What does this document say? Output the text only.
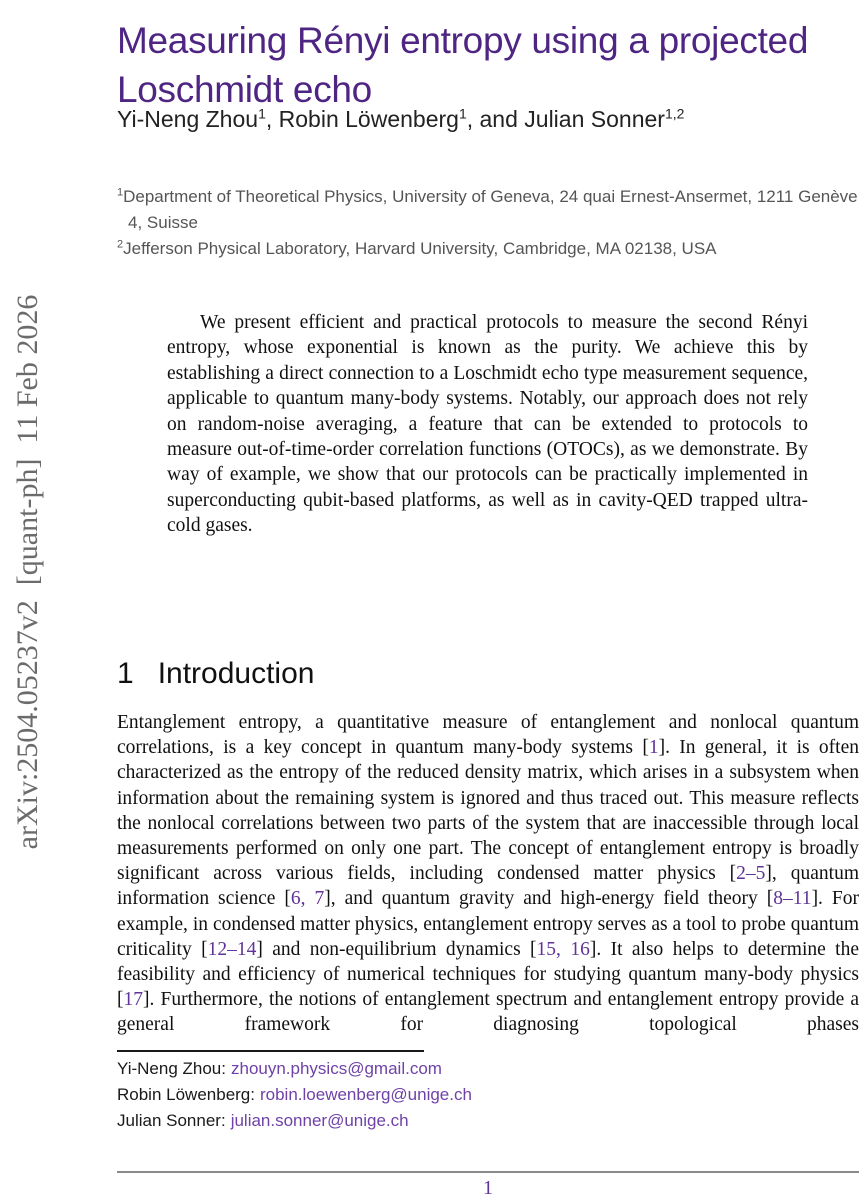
arXiv:2504.05237v2  [quant-ph]  11 Feb 2026
Measuring Rényi entropy using a projected Loschmidt echo
Yi-Neng Zhou$^1$, Robin Löwenberg$^1$, and Julian Sonner$^{1,2}$
$^1$Department of Theoretical Physics, University of Geneva, 24 quai Ernest-Ansermet, 1211 Genève 4, Suisse
$^2$Jefferson Physical Laboratory, Harvard University, Cambridge, MA 02138, USA
We present efficient and practical protocols to measure the second Rényi entropy, whose exponential is known as the purity. We achieve this by establishing a direct connection to a Loschmidt echo type measurement sequence, applicable to quantum many-body systems. Notably, our approach does not rely on random-noise averaging, a feature that can be extended to protocols to measure out-of-time-order correlation functions (OTOCs), as we demonstrate. By way of example, we show that our protocols can be practically implemented in superconducting qubit-based platforms, as well as in cavity-QED trapped ultra-cold gases.
1 Introduction
Entanglement entropy, a quantitative measure of entanglement and nonlocal quantum correlations, is a key concept in quantum many-body systems [1]. In general, it is often characterized as the entropy of the reduced density matrix, which arises in a subsystem when information about the remaining system is ignored and thus traced out. This measure reflects the nonlocal correlations between two parts of the system that are inaccessible through local measurements performed on only one part. The concept of entanglement entropy is broadly significant across various fields, including condensed matter physics [2–5], quantum information science [6, 7], and quantum gravity and high-energy field theory [8–11]. For example, in condensed matter physics, entanglement entropy serves as a tool to probe quantum criticality [12–14] and non-equilibrium dynamics [15, 16]. It also helps to determine the feasibility and efficiency of numerical techniques for studying quantum many-body physics [17]. Furthermore, the notions of entanglement spectrum and entanglement entropy provide a general framework for diagnosing topological phases
Yi-Neng Zhou: zhouyn.physics@gmail.com
Robin Löwenberg: robin.loewenberg@unige.ch
Julian Sonner: julian.sonner@unige.ch
1
